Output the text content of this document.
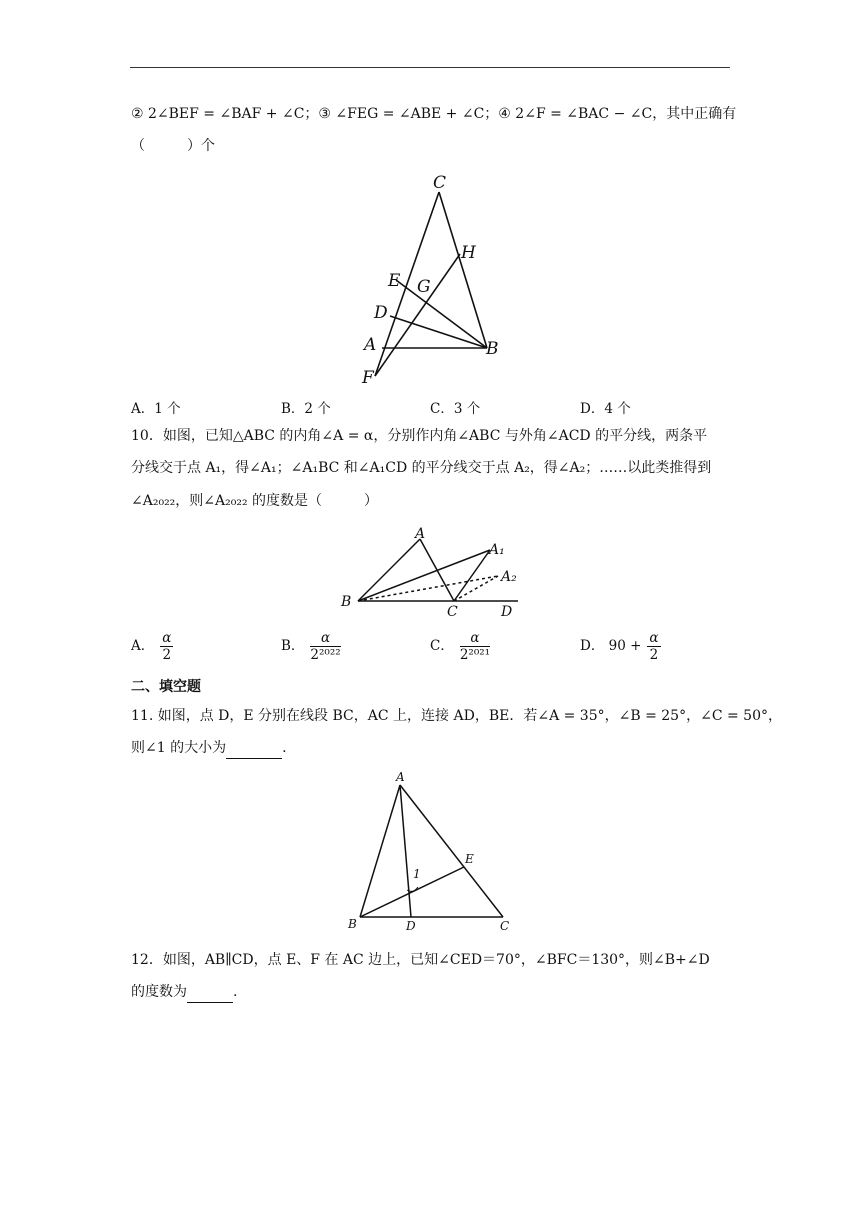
② 2∠BEF = ∠BAF + ∠C；③ ∠FEG = ∠ABE + ∠C；④ 2∠F = ∠BAC − ∠C，其中正确有
（　　　）个
C
H
E G
D
A	B
F
A．1 个	B．2 个	C．3 个	D．4 个
10．如图，已知△ABC 的内角∠A = α，分别作内角∠ABC 与外角∠ACD 的平分线，两条平
分线交于点 A₁，得∠A₁；∠A₁BC 和∠A₁CD 的平分线交于点 A₂，得∠A₂；……以此类推得到
∠A₂₀₂₂，则∠A₂₀₂₂ 的度数是（　　　）
A
A₁
A₂
B
C	D
A． $\frac{\alpha}{2}$	B． $\frac{\alpha}{\text{2²⁰²²}}$	C． $\frac{\alpha}{\text{2²⁰²¹}}$	D． $90 + \frac{\alpha}{2}$
二、填空题
11. 如图，点 D，E 分别在线段 BC，AC 上，连接 AD，BE．若∠A = 35°，∠B = 25°，∠C = 50°，
则∠1 的大小为	.
A
E
1
B	D	C
12．如图，AB∥CD，点 E、F 在 AC 边上，已知∠CED＝70°，∠BFC＝130°，则∠B+∠D
的度数为	.
